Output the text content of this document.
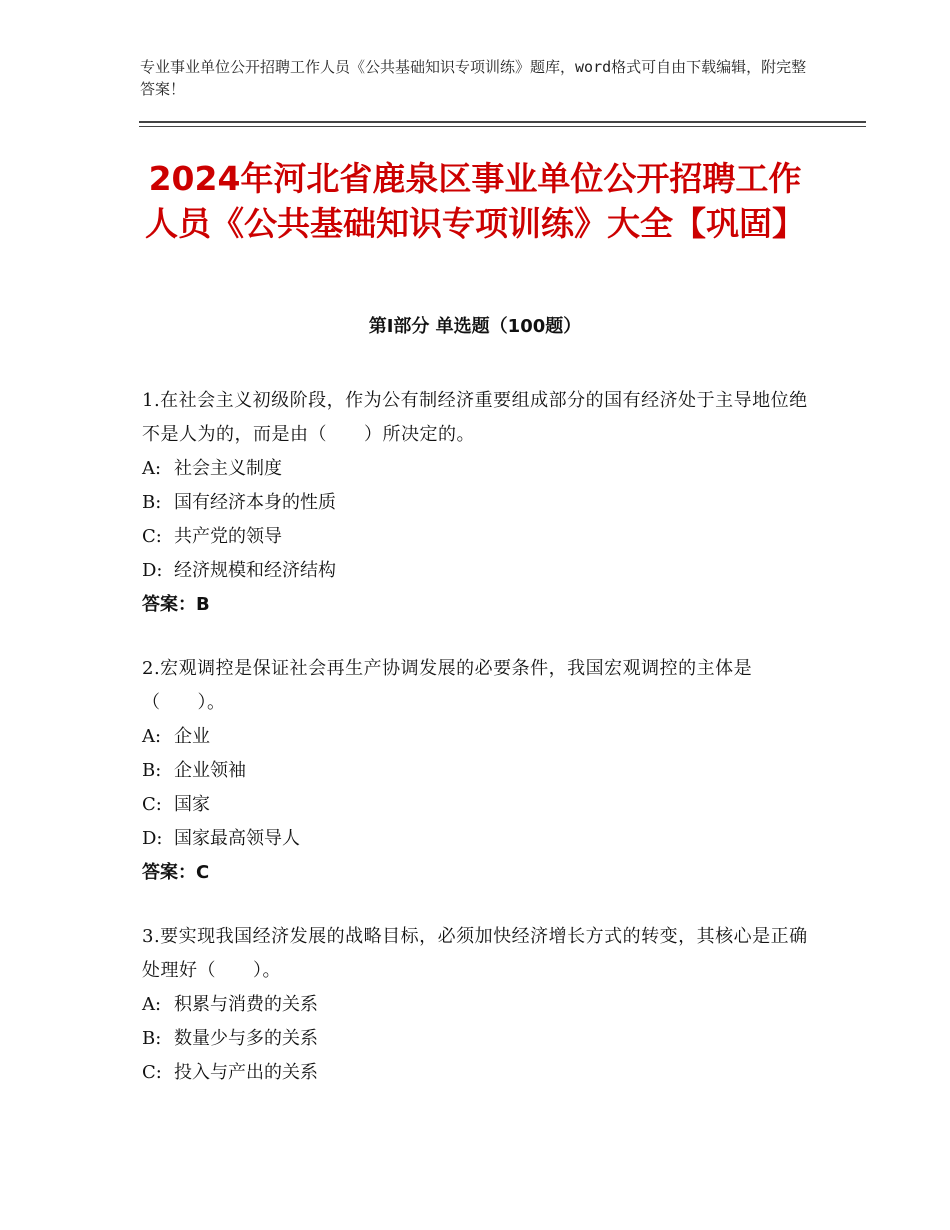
专业事业单位公开招聘工作人员《公共基础知识专项训练》题库，word格式可自由下载编辑，附完整答案！
2024年河北省鹿泉区事业单位公开招聘工作人员《公共基础知识专项训练》大全【巩固】
第Ⅰ部分 单选题（100题）
1.在社会主义初级阶段，作为公有制经济重要组成部分的国有经济处于主导地位绝不是人为的，而是由（　　）所决定的。
A: 社会主义制度
B: 国有经济本身的性质
C: 共产党的领导
D: 经济规模和经济结构
答案：B
2.宏观调控是保证社会再生产协调发展的必要条件，我国宏观调控的主体是（　　）。
A: 企业
B: 企业领袖
C: 国家
D: 国家最高领导人
答案：C
3.要实现我国经济发展的战略目标，必须加快经济增长方式的转变，其核心是正确处理好（　　）。
A: 积累与消费的关系
B: 数量少与多的关系
C: 投入与产出的关系
